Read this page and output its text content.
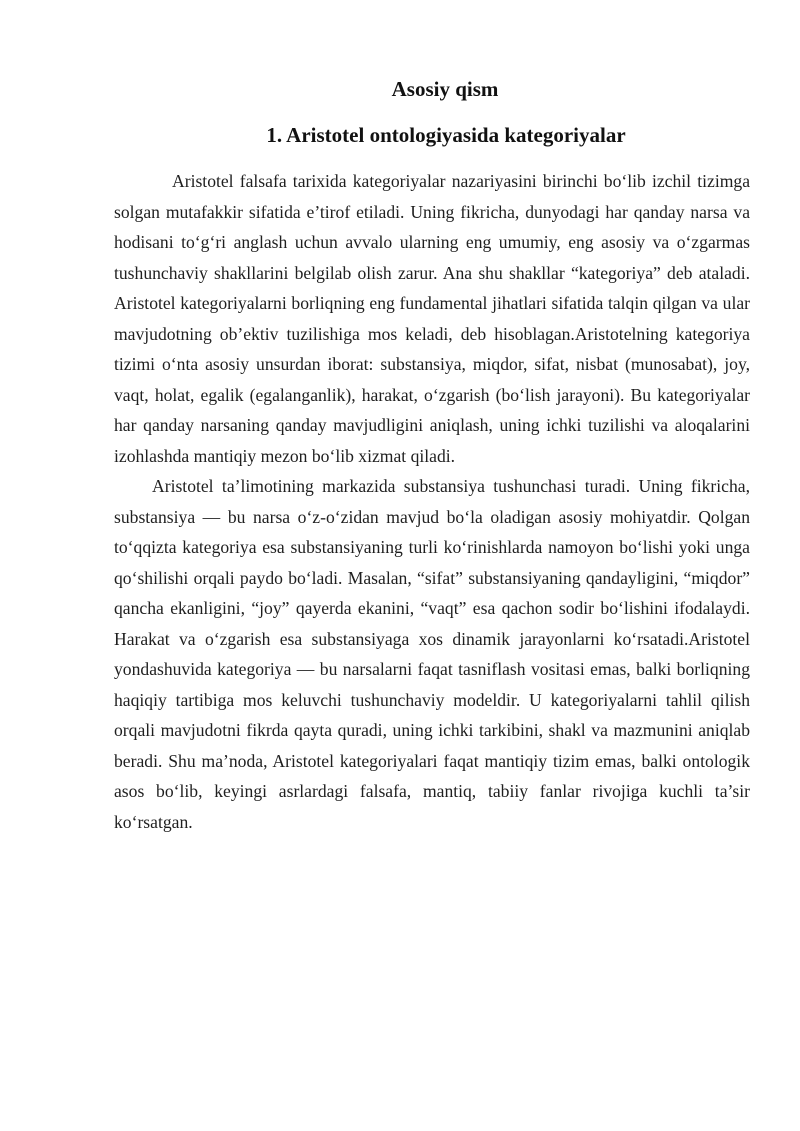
Asosiy qism
1. Aristotel ontologiyasida kategoriyalar

Aristotel falsafa tarixida kategoriyalar nazariyasini birinchi bo‘lib izchil tizimga solgan mutafakkir sifatida e’tirof etiladi. Uning fikricha, dunyodagi har qanday narsa va hodisani to‘g‘ri anglash uchun avvalo ularning eng umumiy, eng asosiy va o‘zgarmas tushunchaviy shakllarini belgilab olish zarur. Ana shu shakllar “kategoriya” deb ataladi. Aristotel kategoriyalarni borliqning eng fundamental jihatlari sifatida talqin qilgan va ular mavjudotning ob’ektiv tuzilishiga mos keladi, deb hisoblagan.Aristotelning kategoriya tizimi o‘nta asosiy unsurdan iborat: substansiya, miqdor, sifat, nisbat (munosabat), joy, vaqt, holat, egalik (egalanganlik), harakat, o‘zgarish (bo‘lish jarayoni). Bu kategoriyalar har qanday narsaning qanday mavjudligini aniqlash, uning ichki tuzilishi va aloqalarini izohlashda mantiqiy mezon bo‘lib xizmat qiladi.

Aristotel ta’limotining markazida substansiya tushunchasi turadi. Uning fikricha, substansiya — bu narsa o‘z-o‘zidan mavjud bo‘la oladigan asosiy mohiyatdir. Qolgan to‘qqizta kategoriya esa substansiyaning turli ko‘rinishlarda namoyon bo‘lishi yoki unga qo‘shilishi orqali paydo bo‘ladi. Masalan, “sifat” substansiyaning qandayligini, “miqdor” qancha ekanligini, “joy” qayerda ekanini, “vaqt” esa qachon sodir bo‘lishini ifodalaydi. Harakat va o‘zgarish esa substansiyaga xos dinamik jarayonlarni ko‘rsatadi.Aristotel yondashuvida kategoriya — bu narsalarni faqat tasniflash vositasi emas, balki borliqning haqiqiy tartibiga mos keluvchi tushunchaviy modeldir. U kategoriyalarni tahlil qilish orqali mavjudotni fikrda qayta quradi, uning ichki tarkibini, shakl va mazmunini aniqlab beradi. Shu ma’noda, Aristotel kategoriyalari faqat mantiqiy tizim emas, balki ontologik asos bo‘lib, keyingi asrlardagi falsafa, mantiq, tabiiy fanlar rivojiga kuchli ta’sir ko‘rsatgan.
